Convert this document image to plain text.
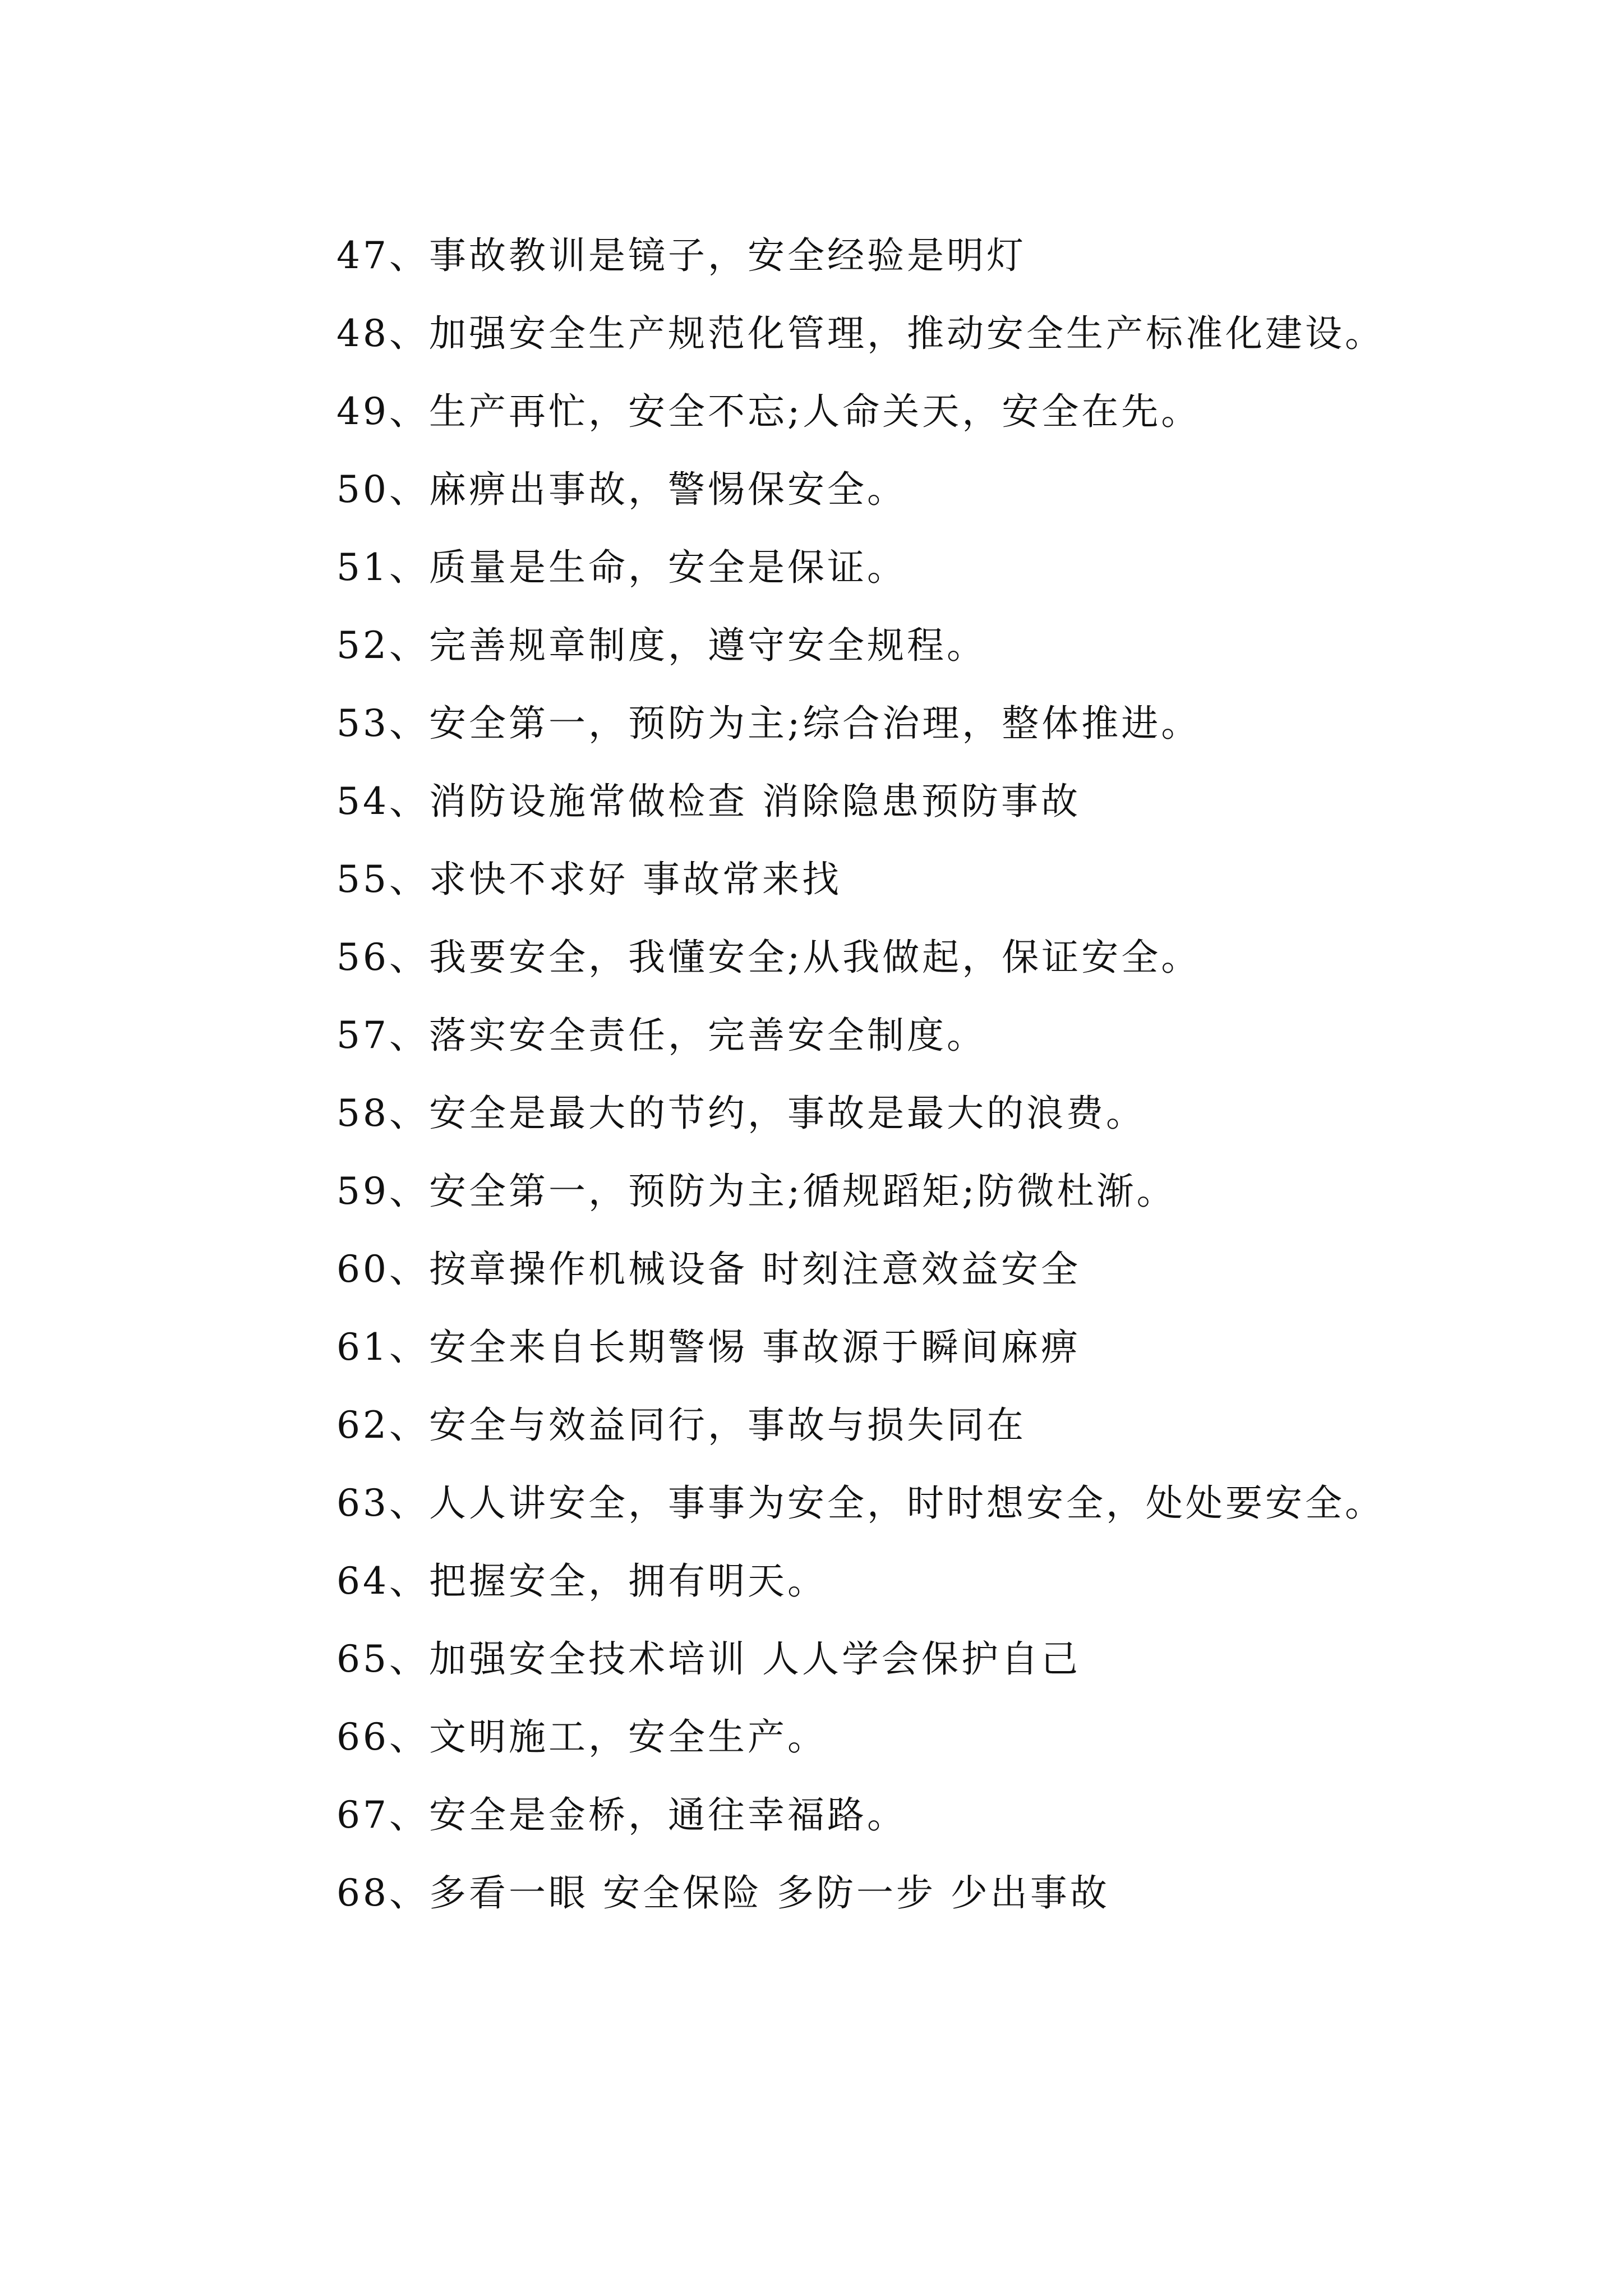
47、事故教训是镜子，安全经验是明灯

48、加强安全生产规范化管理，推动安全生产标准化建设。

49、生产再忙，安全不忘;人命关天，安全在先。

50、麻痹出事故，警惕保安全。

51、质量是生命，安全是保证。

52、完善规章制度，遵守安全规程。

53、安全第一，预防为主;综合治理，整体推进。

54、消防设施常做检查 消除隐患预防事故

55、求快不求好 事故常来找

56、我要安全，我懂安全;从我做起，保证安全。

57、落实安全责任，完善安全制度。

58、安全是最大的节约，事故是最大的浪费。

59、安全第一，预防为主;循规蹈矩;防微杜渐。

60、按章操作机械设备 时刻注意效益安全

61、安全来自长期警惕 事故源于瞬间麻痹

62、安全与效益同行，事故与损失同在

63、人人讲安全，事事为安全，时时想安全，处处要安全。

64、把握安全，拥有明天。

65、加强安全技术培训 人人学会保护自己

66、文明施工，安全生产。

67、安全是金桥，通往幸福路。

68、多看一眼 安全保险 多防一步 少出事故
